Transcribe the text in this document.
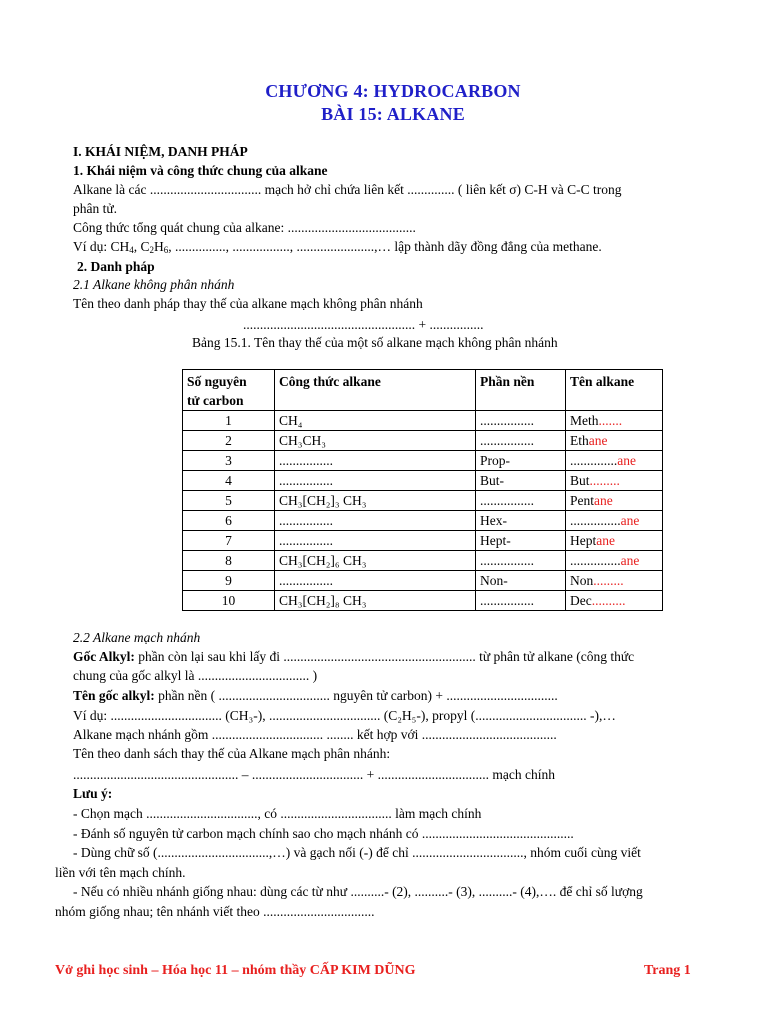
CHƯƠNG 4: HYDROCARBON
BÀI 15: ALKANE
I. KHÁI NIỆM, DANH PHÁP
1. Khái niệm và công thức chung của alkane
Alkane là các ................................. mạch hở chỉ chứa liên kết .............. ( liên kết σ) C-H và C-C trong
phân tử.
Công thức tổng quát chung của alkane: ......................................
Ví dụ: $CH_4$, $C_2H_6$, ..............., ................., .......................,… lập thành dãy đồng đẳng của methane.
2. Danh pháp
2.1 Alkane không phân nhánh
Tên theo danh pháp thay thế của alkane mạch không phân nhánh
................................................... + ................
Bảng 15.1. Tên thay thế của một số alkane mạch không phân nhánh
Số nguyên
tử carbon	Công thức alkane	Phần nền	Tên alkane
1	CH₄	................	Meth.......
2	CH₃CH₃	................	Ethane
3	................	Prop-	..............ane
4	................	But-	But.........
5	CH₃[CH₂]₃ CH₃	................	Pentane
6	................	Hex-	...............ane
7	................	Hept-	Heptane
8	CH₃[CH₂]₆ CH₃	................	...............ane
9	................	Non-	Non.........
10	CH₃[CH₂]₈ CH₃	................	Dec..........
2.2 Alkane mạch nhánh
Gốc Alkyl: phần còn lại sau khi lấy đi ......................................................... từ phân tử alkane (công thức
chung của gốc alkyl là ................................. )
Tên gốc alkyl: phần nền ( ................................. nguyên tử carbon) + .................................
Ví dụ: ................................. (CH₃-), ................................. (C₂H₅-), propyl (................................. -),…
Alkane mạch nhánh gồm ................................. ........ kết hợp với ........................................
Tên theo danh sách thay thế của Alkane mạch phân nhánh:
................................................. – ................................. + ................................. mạch chính
Lưu ý:
- Chọn mạch ................................., có ................................. làm mạch chính
- Đánh số nguyên tử carbon mạch chính sao cho mạch nhánh có .............................................
- Dùng chữ số (.................................,…) và gạch nối (-) để chỉ ................................., nhóm cuối cùng viết
liền với tên mạch chính.
- Nếu có nhiều nhánh giống nhau: dùng các từ như ..........- (2), ..........- (3), ..........- (4),…. để chỉ số lượng
nhóm giống nhau; tên nhánh viết theo .................................
Vở ghi học sinh – Hóa học 11 – nhóm thầy CẤP KIM DŨNG	Trang 1
